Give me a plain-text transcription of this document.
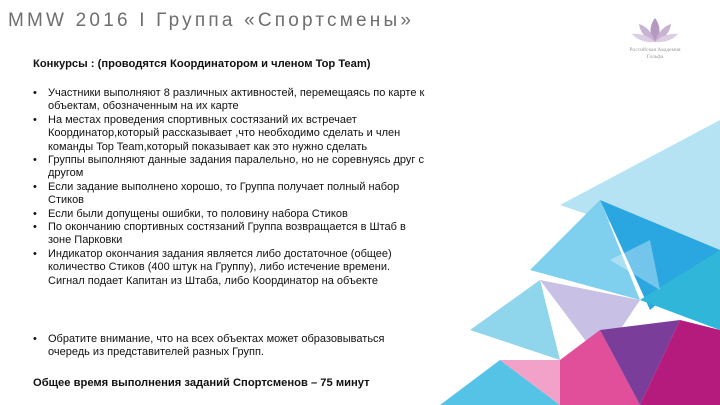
MMW 2016 I Группа «Спортсмены»
Российская Академия
Гольфа
Конкурсы : (проводятся Координатором и членом Top Team)
• Участники выполняют 8 различных активностей, перемещаясь по карте к объектам, обозначенным на их карте
• На местах проведения спортивных состязаний их встречает Координатор,который рассказывает ,что необходимо сделать и член команды Top Team,который показывает как это нужно сделать
• Группы выполняют данные задания паралельно, но не соревнуясь друг с другом
• Если задание выполнено хорошо, то Группа получает полный набор Стиков
• Если были допущены ошибки, то половину набора Стиков
• По окончанию спортивных состязаний Группа возвращается в Штаб в зоне Парковки
• Индикатор окончания задания является либо достаточное (общее) количество Стиков (400 штук на Группу), либо истечение времени. Сигнал подает Капитан из Штаба, либо Координатор на объекте
• Обратите внимание, что на всех объектах может образовываться очередь из представителей разных Групп.
Общее время выполнения заданий Спортсменов – 75 минут
